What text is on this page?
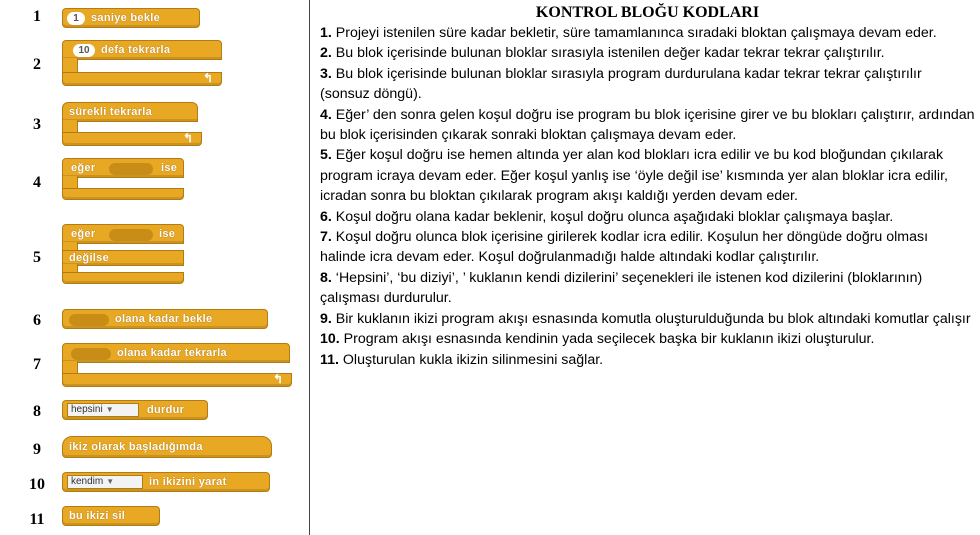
1	1	saniye bekle
2
10	defa tekrarla
↰
3
sürekli tekrarla
↰
4
eğer	ise
5
eğer	ise
değilse
6	olana kadar bekle
7
olana kadar tekrarla
↰
8	hepsini ▼	durdur
9	ikiz olarak başladığımda
10	kendim ▼	in ikizini yarat
11	bu ikizi sil
KONTROL BLOĞU KODLARI
1. Projeyi istenilen süre kadar bekletir, süre tamamlanınca sıradaki bloktan çalışmaya devam eder.
2. Bu blok içerisinde bulunan bloklar sırasıyla istenilen değer kadar tekrar tekrar çalıştırılır.
3. Bu blok içerisinde bulunan bloklar sırasıyla program durdurulana kadar tekrar tekrar çalıştırılır (sonsuz döngü).
4. Eğer’ den sonra gelen koşul doğru ise program bu blok içerisine girer ve bu blokları çalıştırır, ardından bu blok içerisinden çıkarak sonraki bloktan çalışmaya devam eder.
5. Eğer koşul doğru ise hemen altında yer alan kod blokları icra edilir ve bu kod bloğundan çıkılarak program icraya devam eder. Eğer koşul yanlış ise ‘öyle değil ise’ kısmında yer alan bloklar icra edilir, icradan sonra bu bloktan çıkılarak program akışı kaldığı yerden devam eder.
6. Koşul doğru olana kadar beklenir, koşul doğru olunca aşağıdaki bloklar çalışmaya başlar.
7. Koşul doğru olunca blok içerisine girilerek kodlar icra edilir. Koşulun her döngüde doğru olması halinde icra devam eder. Koşul doğrulanmadığı halde altındaki kodlar çalıştırılır.
8. ‘Hepsini’, ‘bu diziyi’, ’ kuklanın kendi dizilerini’ seçenekleri ile istenen kod dizilerini (bloklarının) çalışması durdurulur.
9. Bir kuklanın ikizi program akışı esnasında komutla oluşturulduğunda bu blok altındaki komutlar çalışır
10. Program akışı esnasında kendinin yada seçilecek başka bir kuklanın ikizi oluşturulur.
11. Oluşturulan kukla ikizin silinmesini sağlar.
